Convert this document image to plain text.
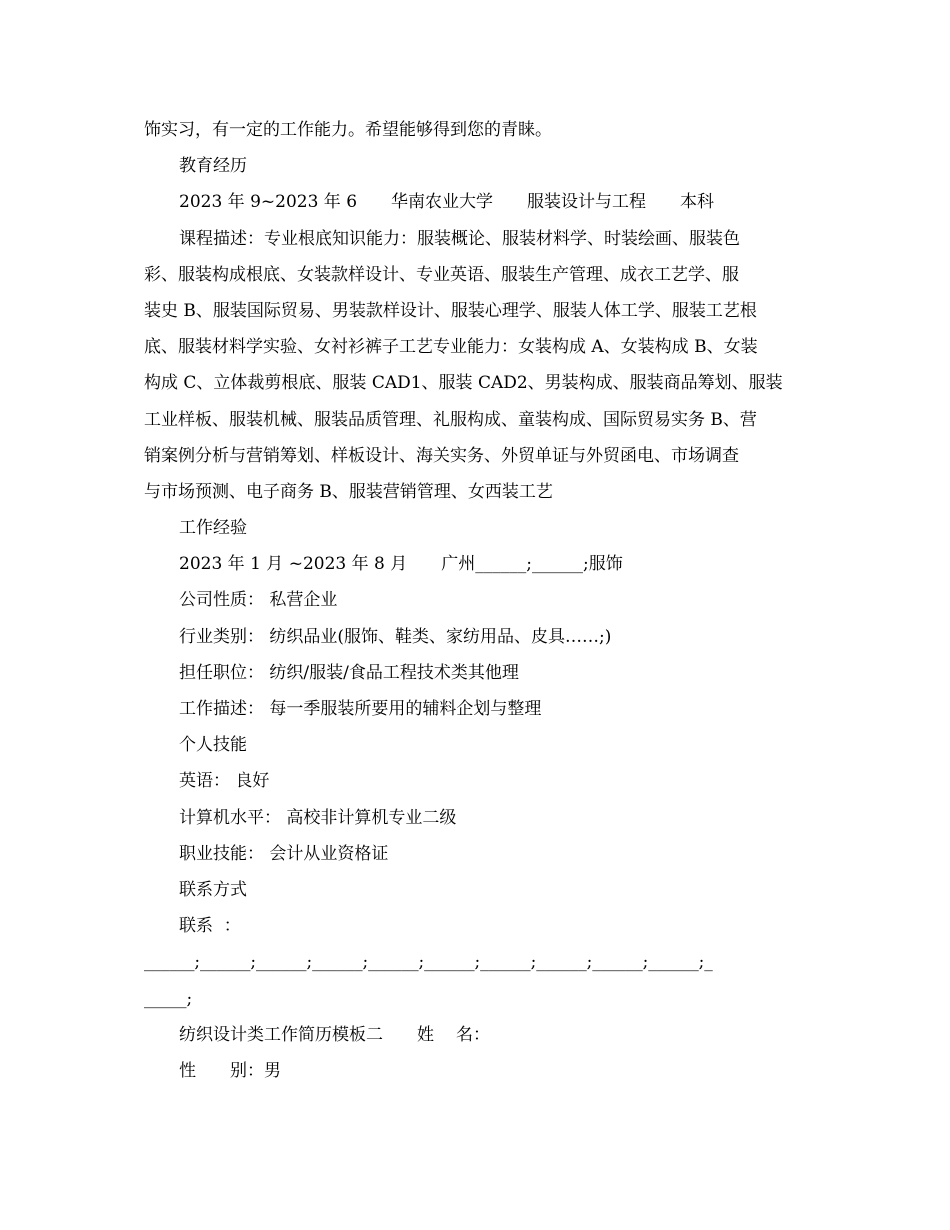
饰实习，有一定的工作能力。希望能够得到您的青睐。
教育经历
2023 年 9~2023 年 6 华南农业大学 服装设计与工程 本科
课程描述：专业根底知识能力：服装概论、服装材料学、时装绘画、服装色
彩、服装构成根底、女装款样设计、专业英语、服装生产管理、成衣工艺学、服
装史 B、服装国际贸易、男装款样设计、服装心理学、服装人体工学、服装工艺根
底、服装材料学实验、女衬衫裤子工艺专业能力：女装构成 A、女装构成 B、女装
构成 C、立体裁剪根底、服装 CAD1、服装 CAD2、男装构成、服装商品筹划、服装
工业样板、服装机械、服装品质管理、礼服构成、童装构成、国际贸易实务 B、营
销案例分析与营销筹划、样板设计、海关实务、外贸单证与外贸函电、市场调查
与市场预测、电子商务 B、服装营销管理、女西装工艺
工作经验
2023 年 1 月 ~2023 年 8 月 广州______;______;服饰
公司性质： 私营企业
行业类别： 纺织品业(服饰、鞋类、家纺用品、皮具……;)
担任职位： 纺织/服装/食品工程技术类其他理
工作描述： 每一季服装所要用的辅料企划与整理
个人技能
英语： 良好
计算机水平： 高校非计算机专业二级
职业技能： 会计从业资格证
联系方式
联系  ：
______;______;______;______;______;______;______;______;______;______;_
_____;
纺织设计类工作简历模板二 姓 名：
性 别：男
